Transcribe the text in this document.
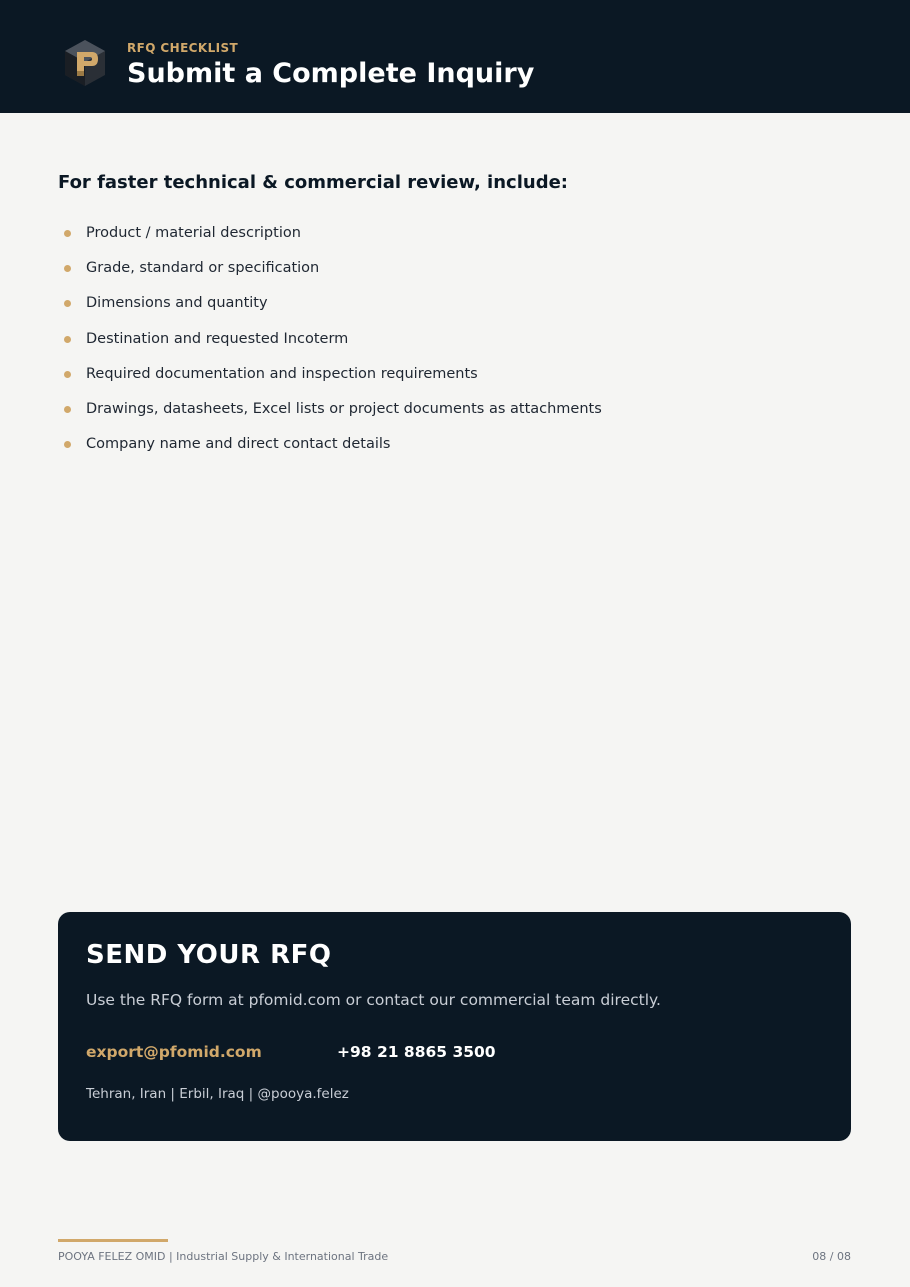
RFQ CHECKLIST
Submit a Complete Inquiry
For faster technical & commercial review, include:
Product / material description
Grade, standard or specification
Dimensions and quantity
Destination and requested Incoterm
Required documentation and inspection requirements
Drawings, datasheets, Excel lists or project documents as attachments
Company name and direct contact details
SEND YOUR RFQ
Use the RFQ form at pfomid.com or contact our commercial team directly.
export@pfomid.com	+98 21 8865 3500
Tehran, Iran | Erbil, Iraq | @pooya.felez
POOYA FELEZ OMID | Industrial Supply & International Trade	08 / 08
